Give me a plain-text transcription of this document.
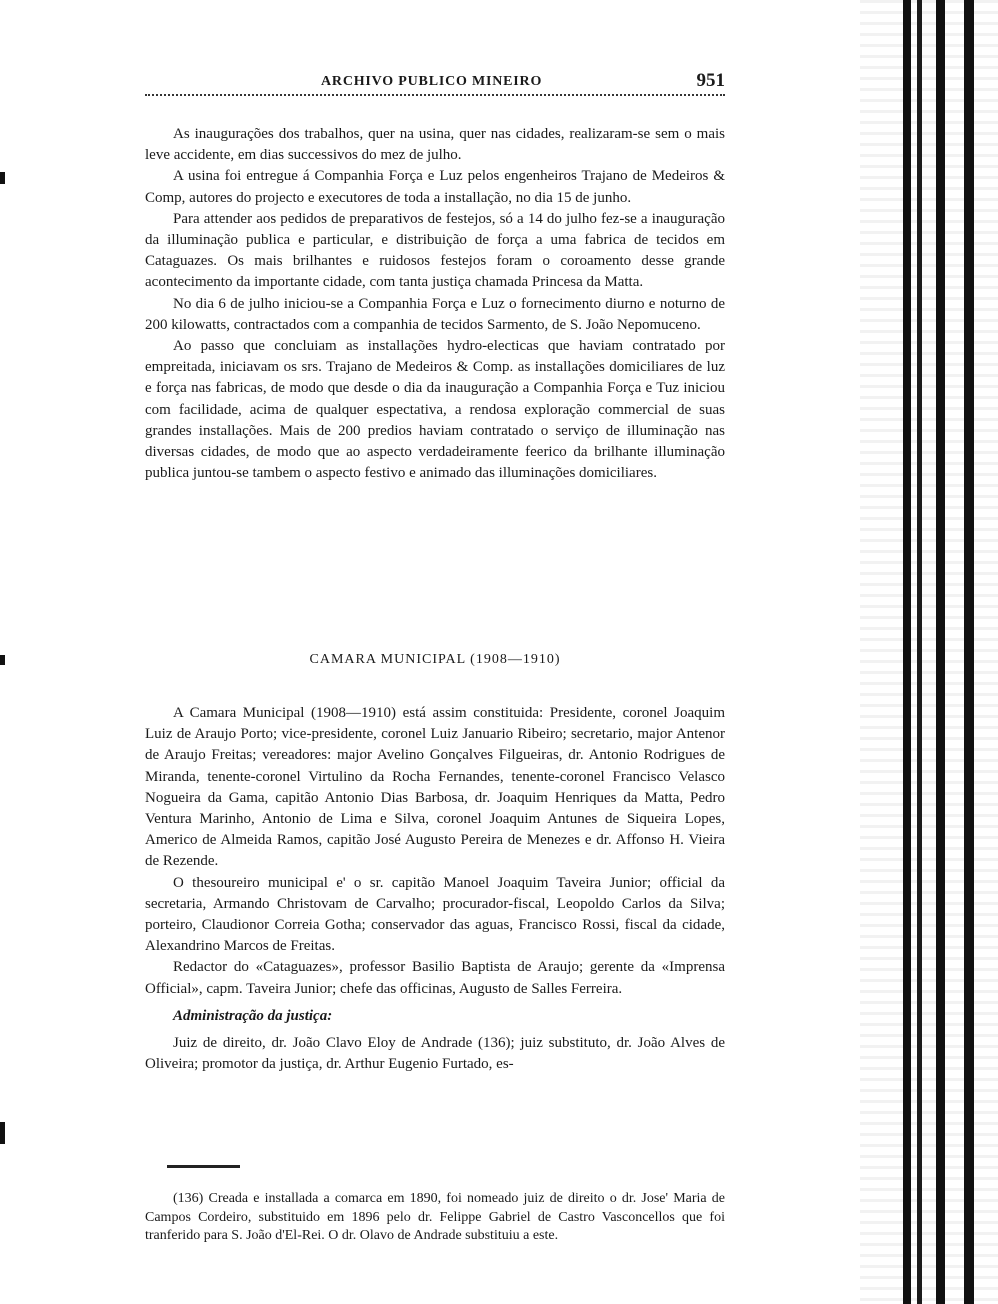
ARCHIVO PUBLICO MINEIRO	951

As inaugurações dos trabalhos, quer na usina, quer nas cidades, realizaram-se sem o mais leve accidente, em dias successivos do mez de julho.

A usina foi entregue á Companhia Força e Luz pelos engenheiros Trajano de Medeiros & Comp, autores do projecto e executores de toda a installação, no dia 15 de junho.

Para attender aos pedidos de preparativos de festejos, só a 14 do julho fez-se a inauguração da illuminação publica e particular, e distribuição de força a uma fabrica de tecidos em Cataguazes. Os mais brilhantes e ruidosos festejos foram o coroamento desse grande acontecimento da importante cidade, com tanta justiça chamada Princesa da Matta.

No dia 6 de julho iniciou-se a Companhia Força e Luz o fornecimento diurno e noturno de 200 kilowatts, contractados com a companhia de tecidos Sarmento, de S. João Nepomuceno.

Ao passo que concluiam as installações hydro-electicas que haviam contratado por empreitada, iniciavam os srs. Trajano de Medeiros & Comp. as installações domiciliares de luz e força nas fabricas, de modo que desde o dia da inauguração a Companhia Força e Tuz iniciou com facilidade, acima de qualquer espectativa, a rendosa exploração commercial de suas grandes installações. Mais de 200 predios haviam contratado o serviço de illuminação nas diversas cidades, de modo que ao aspecto verdadeiramente feerico da brilhante illuminação publica juntou-se tambem o aspecto festivo e animado das illuminações domiciliares.

CAMARA MUNICIPAL (1908—1910)

A Camara Municipal (1908—1910) está assim constituida: Presidente, coronel Joaquim Luiz de Araujo Porto; vice-presidente, coronel Luiz Januario Ribeiro; secretario, major Antenor de Araujo Freitas; vereadores: major Avelino Gonçalves Filgueiras, dr. Antonio Rodrigues de Miranda, tenente-coronel Virtulino da Rocha Fernandes, tenente-coronel Francisco Velasco Nogueira da Gama, capitão Antonio Dias Barbosa, dr. Joaquim Henriques da Matta, Pedro Ventura Marinho, Antonio de Lima e Silva, coronel Joaquim Antunes de Siqueira Lopes, Americo de Almeida Ramos, capitão José Augusto Pereira de Menezes e dr. Affonso H. Vieira de Rezende.

O thesoureiro municipal e' o sr. capitão Manoel Joaquim Taveira Junior; official da secretaria, Armando Christovam de Carvalho; procurador-fiscal, Leopoldo Carlos da Silva; porteiro, Claudionor Correia Gotha; conservador das aguas, Francisco Rossi, fiscal da cidade, Alexandrino Marcos de Freitas.

Redactor do «Cataguazes», professor Basilio Baptista de Araujo; gerente da «Imprensa Official», capm. Taveira Junior; chefe das officinas, Augusto de Salles Ferreira.

Administração da justiça:

Juiz de direito, dr. João Clavo Eloy de Andrade (136); juiz substituto, dr. João Alves de Oliveira; promotor da justiça, dr. Arthur Eugenio Furtado, es-

(136) Creada e installada a comarca em 1890, foi nomeado juiz de direito o dr. Jose' Maria de Campos Cordeiro, substituido em 1896 pelo dr. Felippe Gabriel de Castro Vasconcellos que foi tranferido para S. João d'El-Rei. O dr. Olavo de Andrade substituiu a este.
